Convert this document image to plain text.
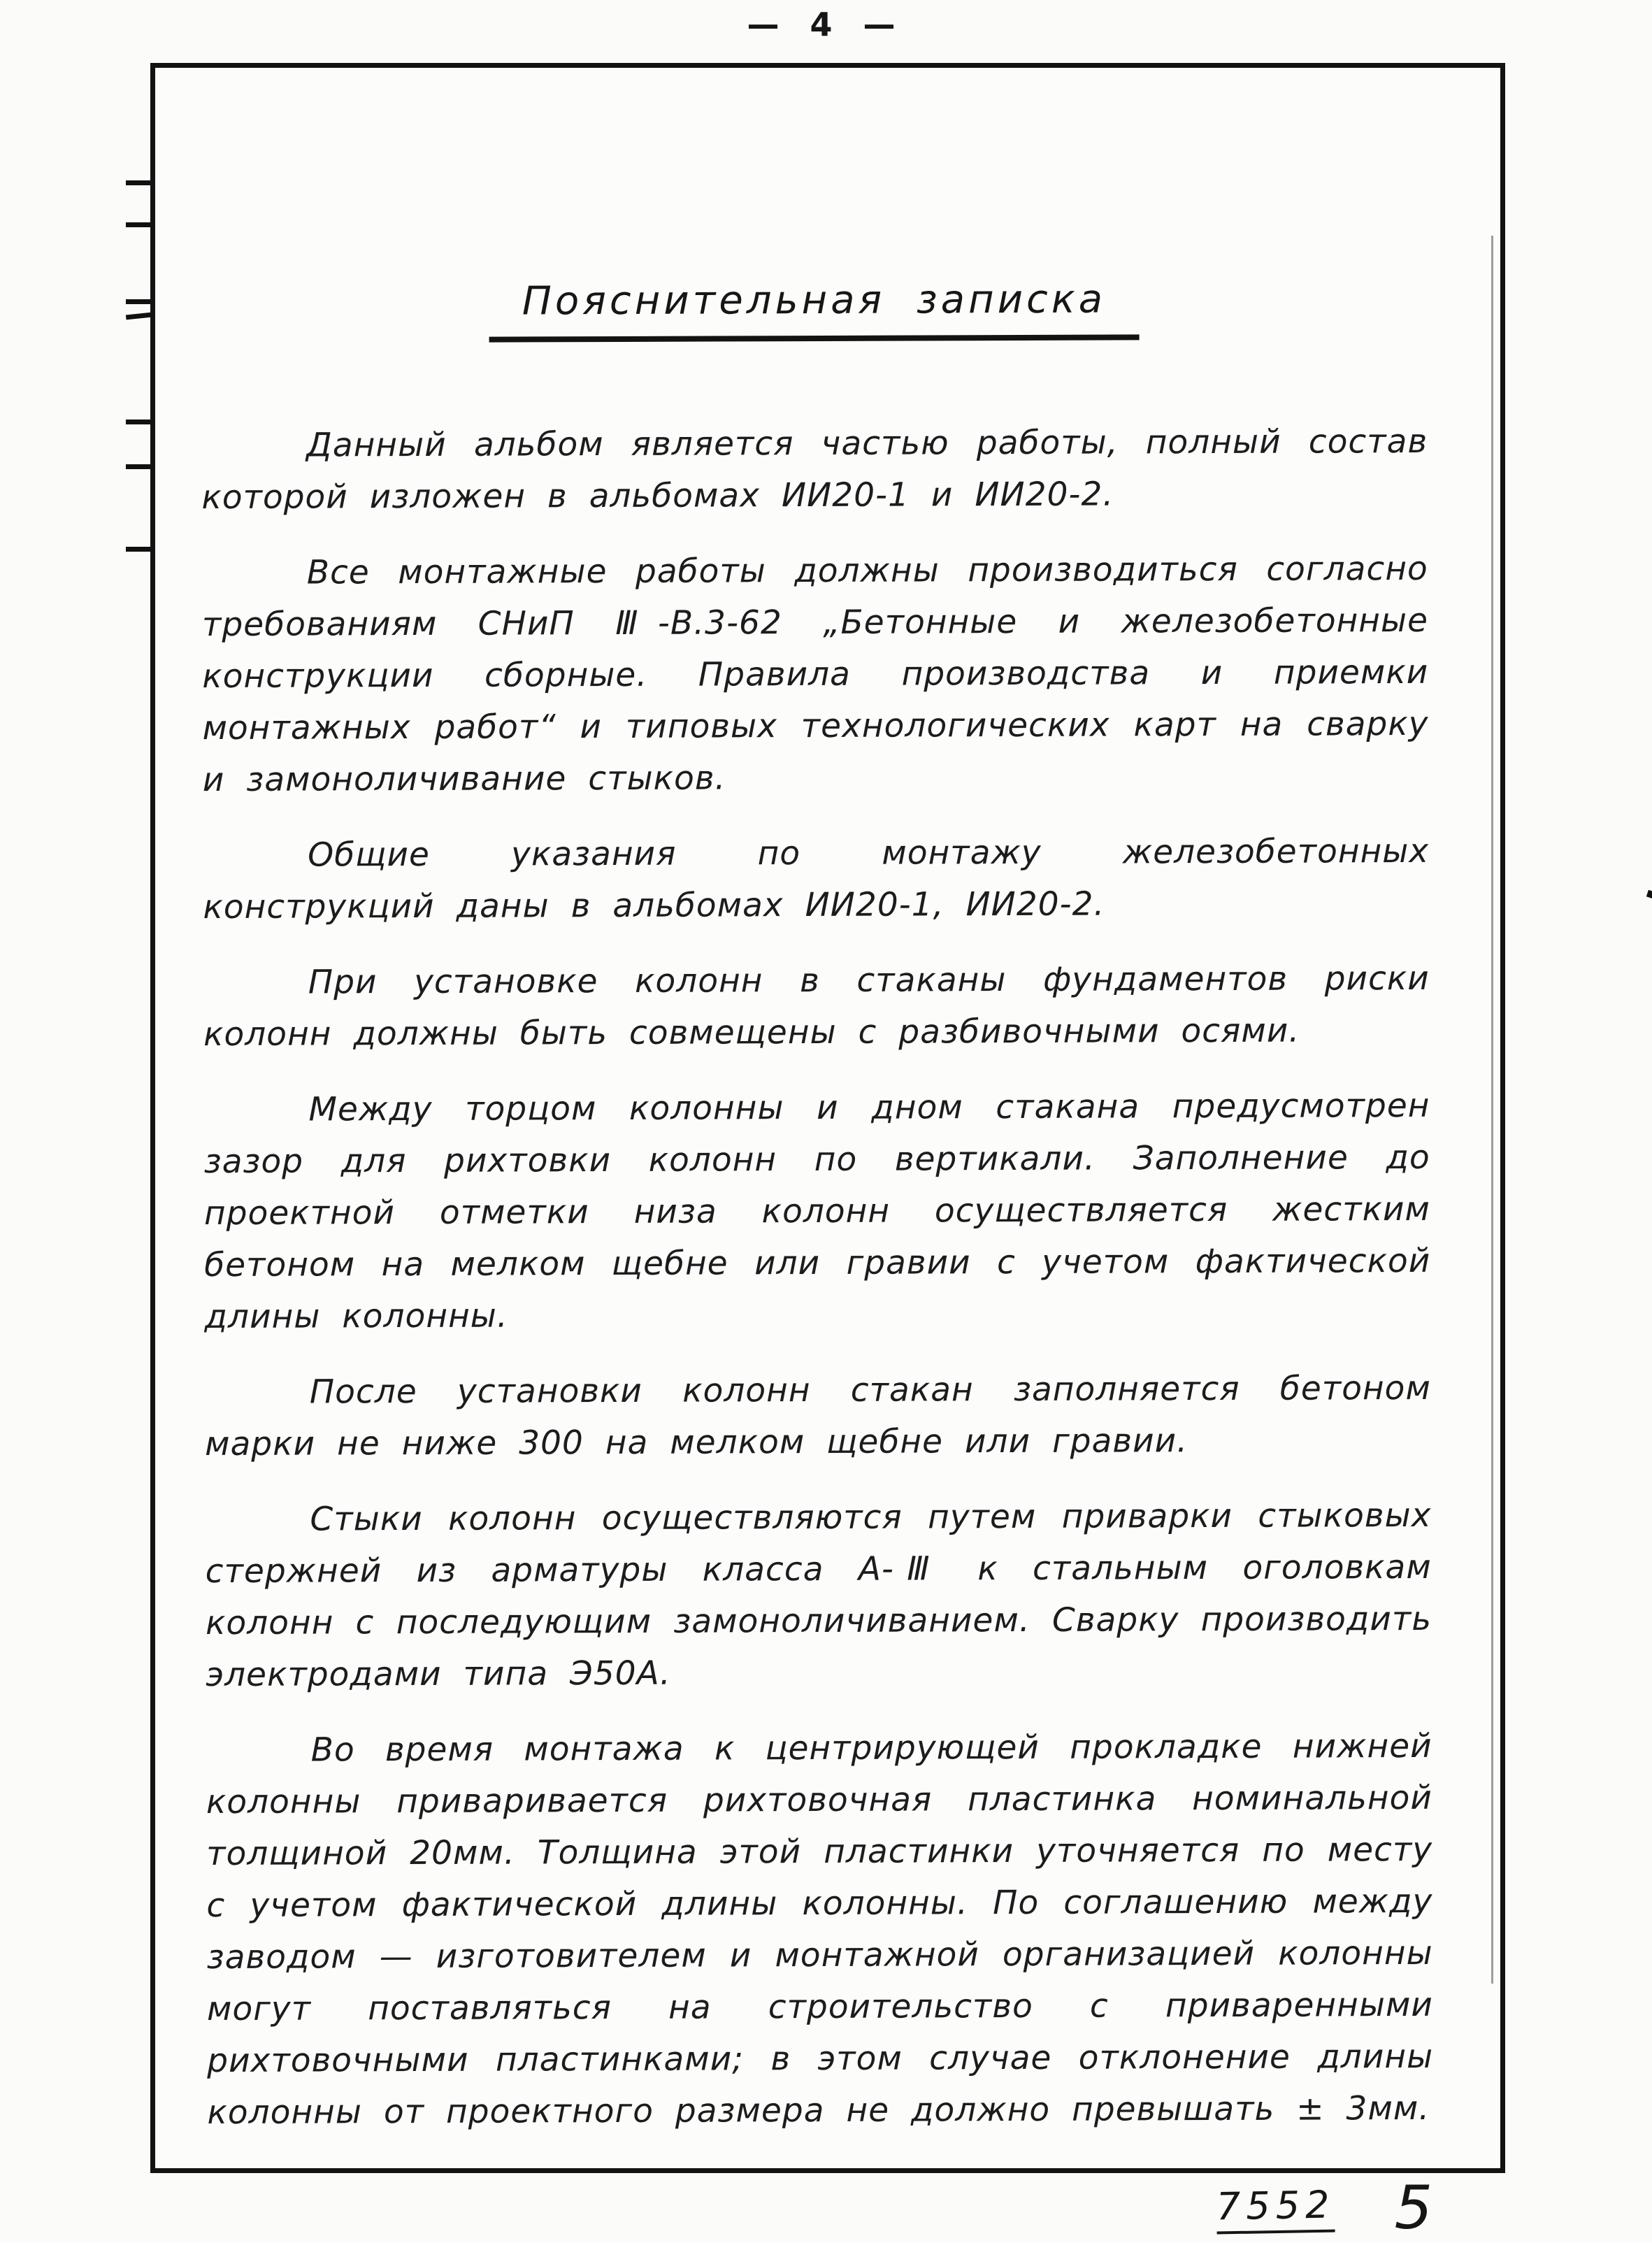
— 4 —
Пояснительная записка

Данный альбом является частью работы, полный состав которой изложен в альбомах ИИ20-1 и ИИ20-2.

Все монтажные работы должны производиться согласно требованиям СНиП Ⅲ-В.3-62 „Бетонные и железобетонные конструкции сборные. Правила производства и приемки монтажных работ“ и типовых технологических карт на сварку и замоноличивание стыков.

Общие указания по монтажу железобетонных конструкций даны в альбомах ИИ20-1, ИИ20-2.

При установке колонн в стаканы фундаментов риски колонн должны быть совмещены с разбивочными осями.

Между торцом колонны и дном стакана предусмотрен зазор для рихтовки колонн по вертикали. Заполнение до проектной отметки низа колонн осуществляется жестким бетоном на мелком щебне или гравии с учетом фактической длины колонны.

После установки колонн стакан заполняется бетоном марки не ниже 300 на мелком щебне или гравии.

Стыки колонн осуществляются путем приварки стыковых стержней из арматуры класса А-Ⅲ к стальным оголовкам колонн с последующим замоноличиванием. Сварку производить электродами типа Э50А.

Во время монтажа к центрирующей прокладке нижней колонны приваривается рихтовочная пластинка номинальной толщиной 20мм. Толщина этой пластинки уточняется по месту с учетом фактической длины колонны. По соглашению между заводом — изготовителем и монтажной организацией колонны могут поставляться на строительство с приваренными рихтовочными пластинками; в этом случае отклонение длины колонны от проектного размера не должно превышать ± 3мм.

7552 5
